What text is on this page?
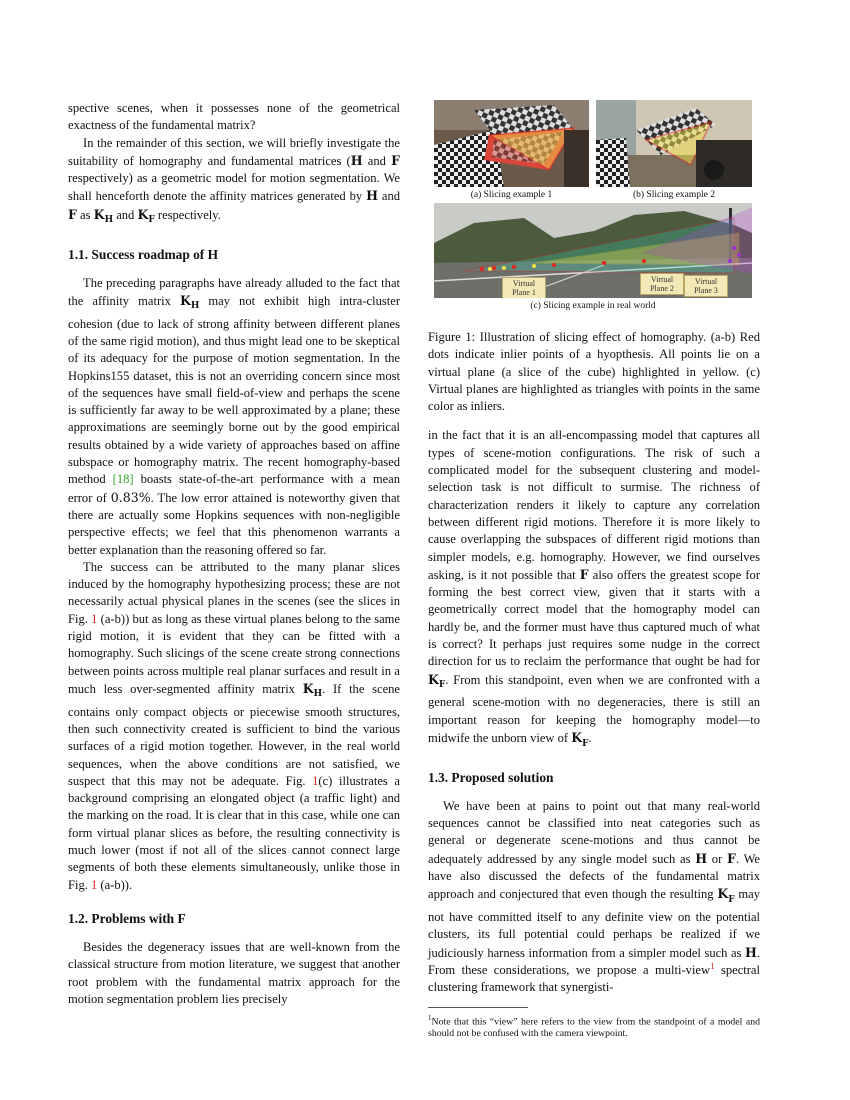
spective scenes, when it possesses none of the geometrical exactness of the fundamental matrix?

In the remainder of this section, we will briefly investigate the suitability of homography and fundamental matrices (H and F respectively) as a geometric model for motion segmentation. We shall henceforth denote the affinity matrices generated by H and F as $K_H$ and $K_F$ respectively.

1.1. Success roadmap of H

The preceding paragraphs have already alluded to the fact that the affinity matrix $K_H$ may not exhibit high intra-cluster cohesion (due to lack of strong affinity between different planes of the same rigid motion), and thus might lead one to be skeptical of its adequacy for the purpose of motion segmentation. In the Hopkins155 dataset, this is not an overriding concern since most of the sequences have small field-of-view and perhaps the scene is sufficiently far away to be well approximated by a plane; these approximations are seemingly borne out by the good empirical results obtained by a wide variety of approaches based on affine subspace or homography matrix. The recent homography-based method [18] boasts state-of-the-art performance with a mean error of 0.83%. The low error attained is noteworthy given that there are actually some Hopkins sequences with non-negligible perspective effects; we feel that this phenomenon warrants a better explanation than the reasoning offered so far.

The success can be attributed to the many planar slices induced by the homography hypothesizing process; these are not necessarily actual physical planes in the scenes (see the slices in Fig. 1 (a-b)) but as long as these virtual planes belong to the same rigid motion, it is evident that they can be fitted with a homography. Such slicings of the scene create strong connections between points across multiple real planar surfaces and result in a much less over-segmented affinity matrix $K_H$. If the scene contains only compact objects or piecewise smooth structures, then such connectivity created is sufficient to bind the various surfaces of a rigid motion together. However, in the real world sequences, when the above conditions are not satisfied, we suspect that this may not be adequate. Fig. 1(c) illustrates a background comprising an elongated object (a traffic light) and the marking on the road. It is clear that in this case, while one can form virtual planar slices as before, the resulting connectivity is much lower (most if not all of the slices cannot connect large segments of both these elements simultaneously, unlike those in Fig. 1 (a-b)).

1.2. Problems with F

Besides the degeneracy issues that are well-known from the classical structure from motion literature, we suggest that another root problem with the fundamental matrix approach for the motion segmentation problem lies precisely

(a) Slicing example 1	(b) Slicing example 2
Virtual Plane 1
Virtual Plane 2
Virtual Plane 3
(c) Slicing example in real world

Figure 1: Illustration of slicing effect of homography. (a-b) Red dots indicate inlier points of a hyopthesis. All points lie on a virtual plane (a slice of the cube) highlighted in yellow. (c) Virtual planes are highlighted as triangles with points in the same color as inliers.

in the fact that it is an all-encompassing model that captures all types of scene-motion configurations. The risk of such a complicated model for the subsequent clustering and model-selection task is not difficult to surmise. The richness of characterization renders it likely to capture any correlation between different rigid motions. Therefore it is more likely to cause overlapping the subspaces of different rigid motions than simpler models, e.g. homography. However, we find ourselves asking, is it not possible that F also offers the greatest scope for forming the best correct view, given that it starts with a geometrically correct model that the homography model can hardly be, and the former must have thus captured much of what is correct? It perhaps just requires some nudge in the correct direction for us to reclaim the performance that ought be had for $K_F$. From this standpoint, even when we are confronted with a general scene-motion with no degeneracies, there is still an important reason for keeping the homography model—to midwife the unborn view of $K_F$.

1.3. Proposed solution

We have been at pains to point out that many real-world sequences cannot be classified into neat categories such as general or degenerate scene-motions and thus cannot be adequately addressed by any single model such as H or F. We have also discussed the defects of the fundamental matrix approach and conjectured that even though the resulting $K_F$ may not have committed itself to any definite view on the potential clusters, its full potential could perhaps be realized if we judiciously harness information from a simpler model such as H. From these considerations, we propose a multi-view$^1$ spectral clustering framework that synergisti-

$^1$Note that this “view” here refers to the view from the standpoint of a model and should not be confused with the camera viewpoint.
